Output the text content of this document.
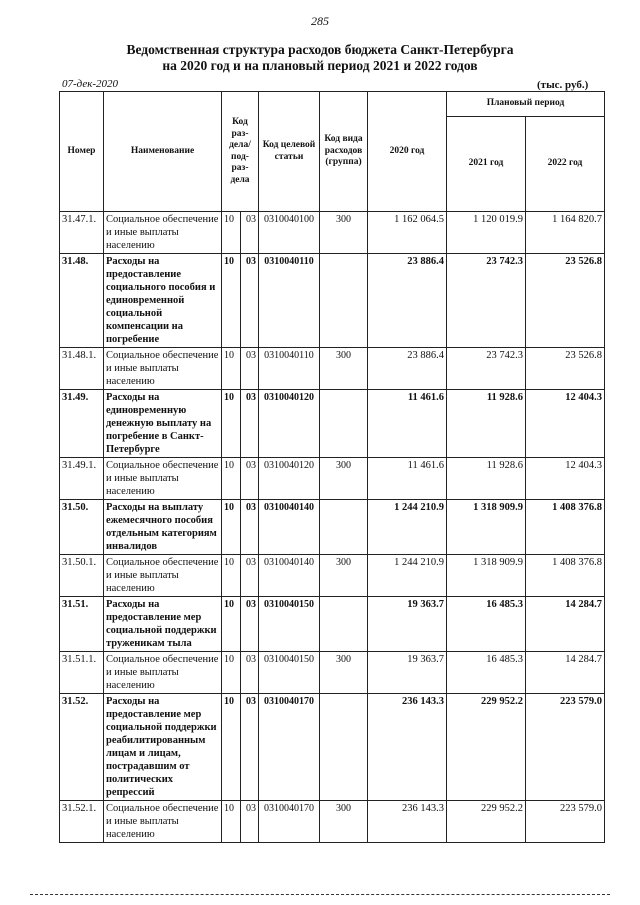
285
Ведомственная структура расходов бюджета Санкт-Петербурга
на 2020 год и на плановый период 2021 и 2022 годов
07-дек-2020	(тыс. руб.)
Номер	Наименование	Код раз-дела/ под-раз-дела		Код целевой статьи	Код вида расходов (группа)	2020 год	Плановый период	
							2021 год	2022 год
31.47.1.	Социальное обеспечение и иные выплаты населению	10	03	0310040100	300	1 162 064.5	1 120 019.9	1 164 820.7
31.48.	Расходы на предоставление социального пособия и единовременной социальной компенсации на погребение	10	03	0310040110		23 886.4	23 742.3	23 526.8
31.48.1.	Социальное обеспечение и иные выплаты населению	10	03	0310040110	300	23 886.4	23 742.3	23 526.8
31.49.	Расходы на единовременную денежную выплату на погребение в Санкт-Петербурге	10	03	0310040120		11 461.6	11 928.6	12 404.3
31.49.1.	Социальное обеспечение и иные выплаты населению	10	03	0310040120	300	11 461.6	11 928.6	12 404.3
31.50.	Расходы на выплату ежемесячного пособия отдельным категориям инвалидов	10	03	0310040140		1 244 210.9	1 318 909.9	1 408 376.8
31.50.1.	Социальное обеспечение и иные выплаты населению	10	03	0310040140	300	1 244 210.9	1 318 909.9	1 408 376.8
31.51.	Расходы на предоставление мер социальной поддержки труженикам тыла	10	03	0310040150		19 363.7	16 485.3	14 284.7
31.51.1.	Социальное обеспечение и иные выплаты населению	10	03	0310040150	300	19 363.7	16 485.3	14 284.7
31.52.	Расходы на предоставление мер социальной поддержки реабилитированным лицам и лицам, пострадавшим от политических репрессий	10	03	0310040170		236 143.3	229 952.2	223 579.0
31.52.1.	Социальное обеспечение и иные выплаты населению	10	03	0310040170	300	236 143.3	229 952.2	223 579.0
